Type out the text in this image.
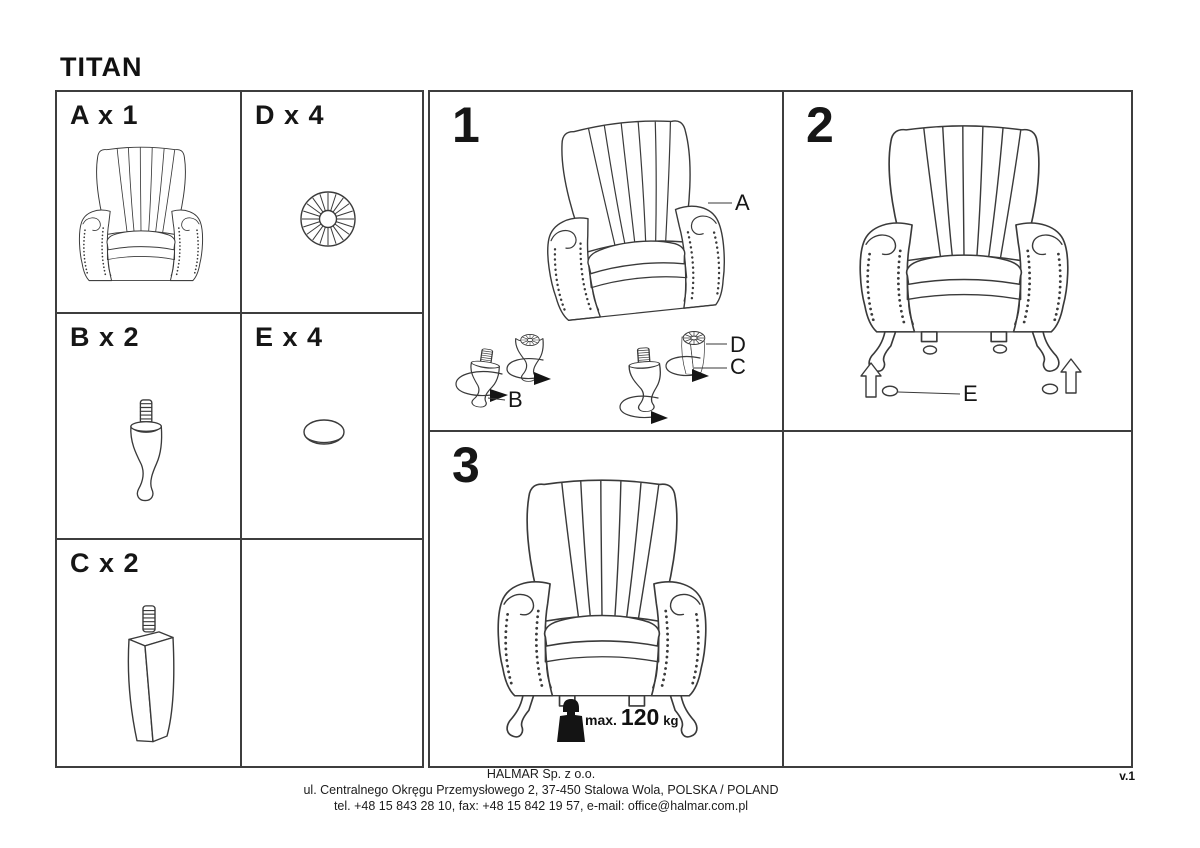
TITAN
A x 1	D x 4
B x 2	E x 4
C x 2
1
A
B
D
C
2
E
3
max. 120 kg
HALMAR Sp. z o.o.
ul. Centralnego Okręgu Przemysłowego 2, 37-450 Stalowa Wola, POLSKA / POLAND
tel. +48 15 843 28 10, fax: +48 15 842 19 57, e-mail: office@halmar.com.pl
v.1
